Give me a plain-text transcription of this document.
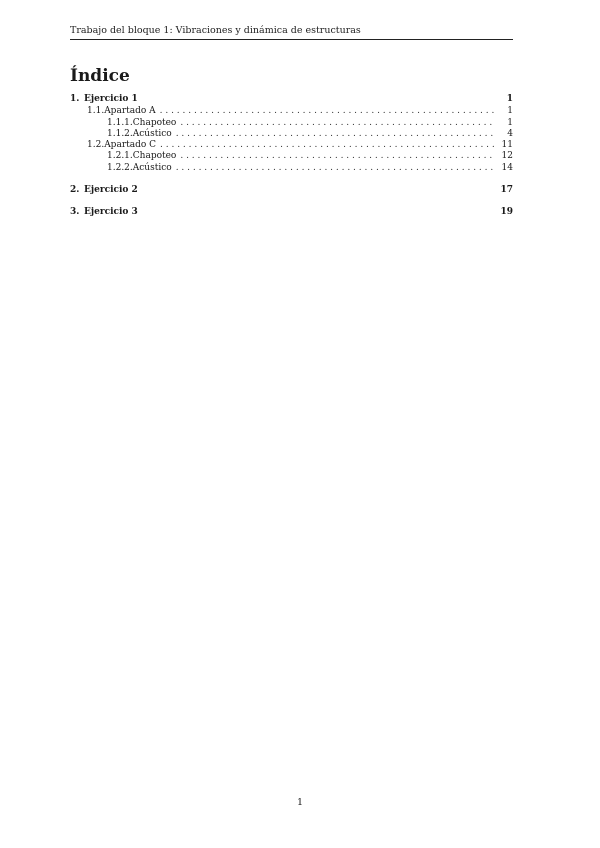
Trabajo del bloque 1: Vibraciones y dinámica de estructuras
Índice
1. Ejercicio 1	1
1.1. Apartado A . . .	1
1.1.1. Chapoteo . . .	1
1.1.2. Acústico . . .	4
1.2. Apartado C . . .	11
1.2.1. Chapoteo . . .	12
1.2.2. Acústico . . .	14
2. Ejercicio 2	17
3. Ejercicio 3	19
1
